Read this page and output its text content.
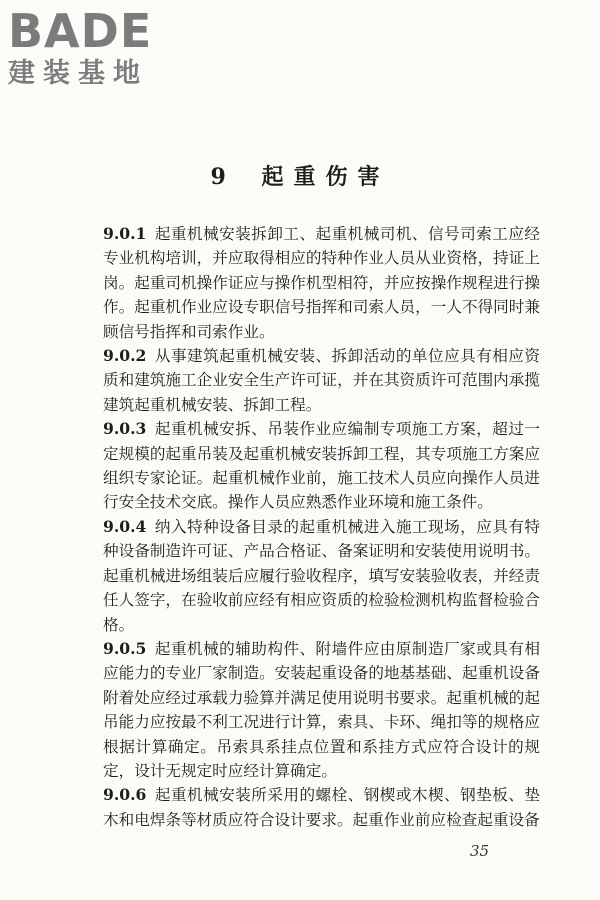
BADE
建装基地
9 起重伤害

9.0.1 起重机械安装拆卸工、起重机械司机、信号司索工应经专业机构培训，并应取得相应的特种作业人员从业资格，持证上岗。起重司机操作证应与操作机型相符，并应按操作规程进行操作。起重机作业应设专职信号指挥和司索人员，一人不得同时兼顾信号指挥和司索作业。

9.0.2 从事建筑起重机械安装、拆卸活动的单位应具有相应资质和建筑施工企业安全生产许可证，并在其资质许可范围内承揽建筑起重机械安装、拆卸工程。

9.0.3 起重机械安拆、吊装作业应编制专项施工方案，超过一定规模的起重吊装及起重机械安装拆卸工程，其专项施工方案应组织专家论证。起重机械作业前，施工技术人员应向操作人员进行安全技术交底。操作人员应熟悉作业环境和施工条件。

9.0.4 纳入特种设备目录的起重机械进入施工现场，应具有特种设备制造许可证、产品合格证、备案证明和安装使用说明书。起重机械进场组装后应履行验收程序，填写安装验收表，并经责任人签字，在验收前应经有相应资质的检验检测机构监督检验合格。

9.0.5 起重机械的辅助构件、附墙件应由原制造厂家或具有相应能力的专业厂家制造。安装起重设备的地基基础、起重机设备附着处应经过承载力验算并满足使用说明书要求。起重机械的起吊能力应按最不利工况进行计算，索具、卡环、绳扣等的规格应根据计算确定。吊索具系挂点位置和系挂方式应符合设计的规定，设计无规定时应经计算确定。

9.0.6 起重机械安装所采用的螺栓、钢楔或木楔、钢垫板、垫木和电焊条等材质应符合设计要求。起重作业前应检查起重设备

35
